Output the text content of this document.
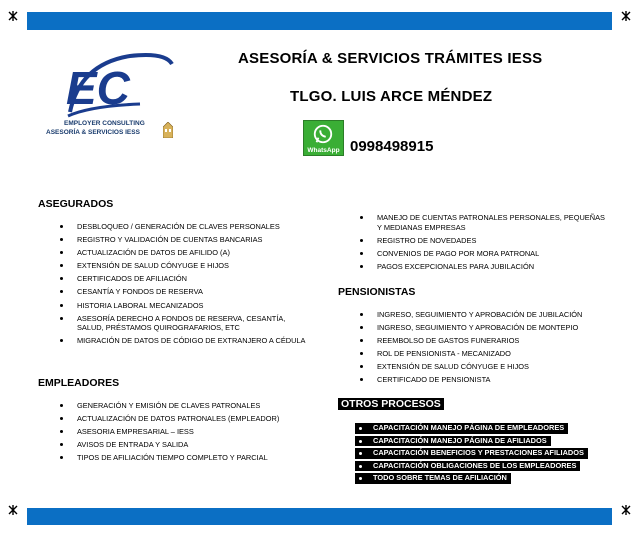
EC
EMPLOYER CONSULTING
ASESORÍA & SERVICIOS IESS
ASESORÍA & SERVICIOS TRÁMITES IESS
TLGO. LUIS ARCE MÉNDEZ
WhatsApp 0998498915
ASEGURADOS
DESBLOQUEO / GENERACIÓN DE CLAVES PERSONALES
REGISTRO Y VALIDACIÓN DE CUENTAS BANCARIAS
ACTUALIZACIÓN DE DATOS DE AFILIDO (A)
EXTENSIÓN DE SALUD CÓNYUGE E HIJOS
CERTIFICADOS DE AFILIACIÓN
CESANTÍA Y FONDOS DE RESERVA
HISTORIA LABORAL MECANIZADOS
ASESORÍA DERECHO A FONDOS DE RESERVA, CESANTÍA, SALUD, PRÉSTAMOS QUIROGRAFARIOS, ETC
MIGRACIÓN DE DATOS DE CÓDIGO DE EXTRANJERO A CÉDULA
EMPLEADORES
GENERACIÓN Y EMISIÓN DE CLAVES PATRONALES
ACTUALIZACIÓN DE DATOS PATRONALES (EMPLEADOR)
ASESORIA EMPRESARIAL – IESS
AVISOS DE ENTRADA Y SALIDA
TIPOS DE AFILIACIÓN TIEMPO COMPLETO Y PARCIAL
MANEJO DE CUENTAS PATRONALES PERSONALES, PEQUEÑAS Y MEDIANAS EMPRESAS
REGISTRO DE NOVEDADES
CONVENIOS DE PAGO POR MORA PATRONAL
PAGOS EXCEPCIONALES PARA JUBILACIÓN
PENSIONISTAS
INGRESO, SEGUIMIENTO Y APROBACIÓN DE JUBILACIÓN
INGRESO, SEGUIMIENTO Y APROBACIÓN DE MONTEPIO
REEMBOLSO DE GASTOS FUNERARIOS
ROL DE PENSIONISTA - MECANIZADO
EXTENSIÓN DE SALUD CÓNYUGE E HIJOS
CERTIFICADO DE PENSIONISTA
OTROS PROCESOS
CAPACITACIÓN MANEJO PÁGINA DE EMPLEADORES
CAPACITACIÓN MANEJO PÁGINA DE AFILIADOS
CAPACITACIÓN BENEFICIOS Y PRESTACIONES AFILIADOS
CAPACITACIÓN OBLIGACIONES DE LOS EMPLEADORES
TODO SOBRE TEMAS DE AFILIACIÓN
